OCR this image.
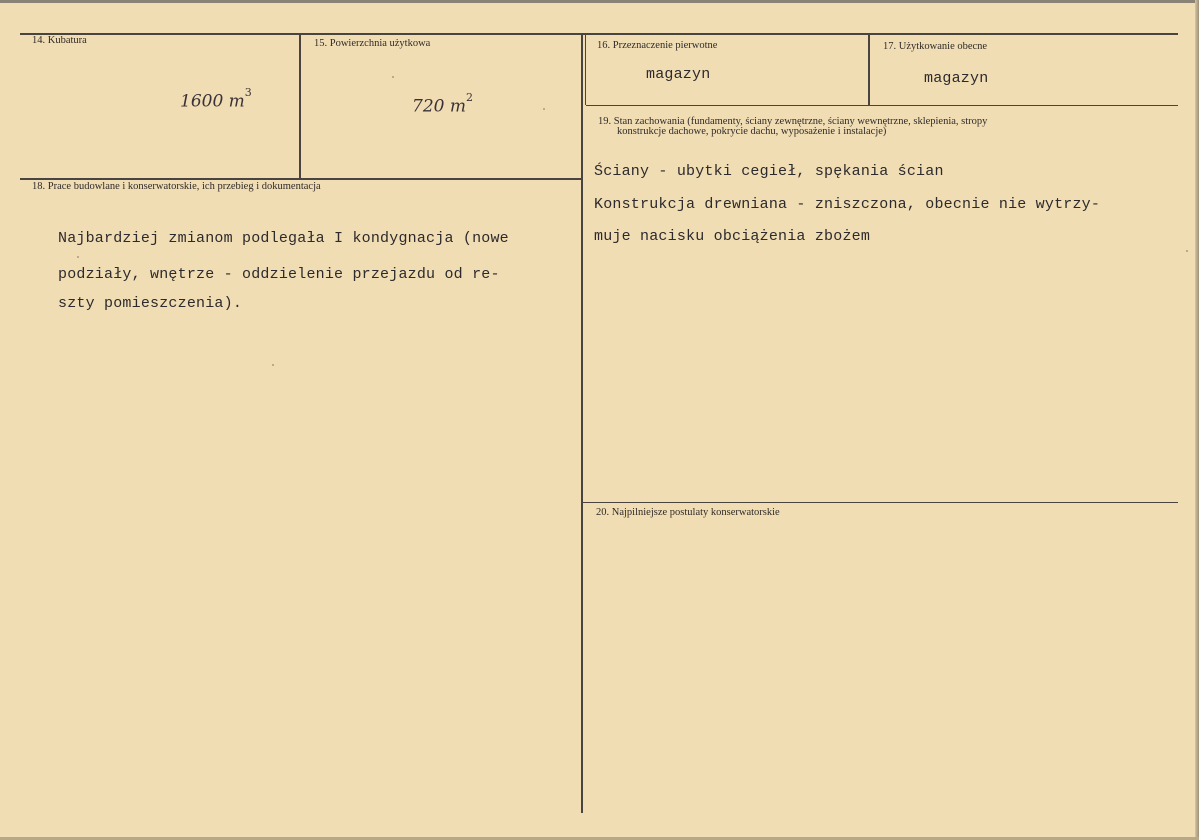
14. Kubatura
1600 $m^3$
15. Powierzchnia użytkowa
720 $m^2$
16. Przeznaczenie pierwotne
magazyn
17. Użytkowanie obecne
magazyn
18. Prace budowlane i konserwatorskie, ich przebieg i dokumentacja
Najbardziej zmianom podlegała I kondygnacja (nowe
podziały, wnętrze - oddzielenie przejazdu od re-
szty pomieszczenia).
19. Stan zachowania (fundamenty, ściany zewnętrzne, ściany wewnętrzne, sklepienia, stropy
konstrukcje dachowe, pokrycie dachu, wyposażenie i instalacje)
Ściany - ubytki cegieł, spękania ścian
Konstrukcja drewniana - zniszczona, obecnie nie wytrzy-
muje nacisku obciążenia zbożem
20. Najpilniejsze postulaty konserwatorskie
